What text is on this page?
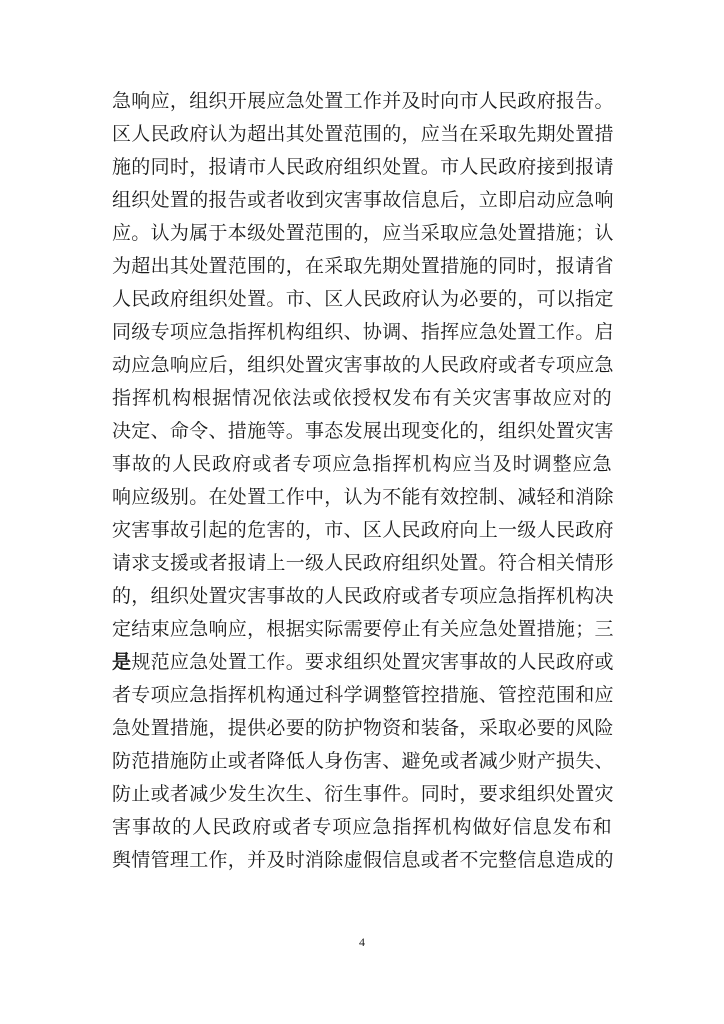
急响应，组织开展应急处置工作并及时向市人民政府报告。
区人民政府认为超出其处置范围的，应当在采取先期处置措
施的同时，报请市人民政府组织处置。市人民政府接到报请
组织处置的报告或者收到灾害事故信息后，立即启动应急响
应。认为属于本级处置范围的，应当采取应急处置措施；认
为超出其处置范围的，在采取先期处置措施的同时，报请省
人民政府组织处置。市、区人民政府认为必要的，可以指定
同级专项应急指挥机构组织、协调、指挥应急处置工作。启
动应急响应后，组织处置灾害事故的人民政府或者专项应急
指挥机构根据情况依法或依授权发布有关灾害事故应对的
决定、命令、措施等。事态发展出现变化的，组织处置灾害
事故的人民政府或者专项应急指挥机构应当及时调整应急
响应级别。在处置工作中，认为不能有效控制、减轻和消除
灾害事故引起的危害的，市、区人民政府向上一级人民政府
请求支援或者报请上一级人民政府组织处置。符合相关情形
的，组织处置灾害事故的人民政府或者专项应急指挥机构决
定结束应急响应，根据实际需要停止有关应急处置措施；三
是规范应急处置工作。要求组织处置灾害事故的人民政府或
者专项应急指挥机构通过科学调整管控措施、管控范围和应
急处置措施，提供必要的防护物资和装备，采取必要的风险
防范措施防止或者降低人身伤害、避免或者减少财产损失、
防止或者减少发生次生、衍生事件。同时，要求组织处置灾
害事故的人民政府或者专项应急指挥机构做好信息发布和
舆情管理工作，并及时消除虚假信息或者不完整信息造成的
4
